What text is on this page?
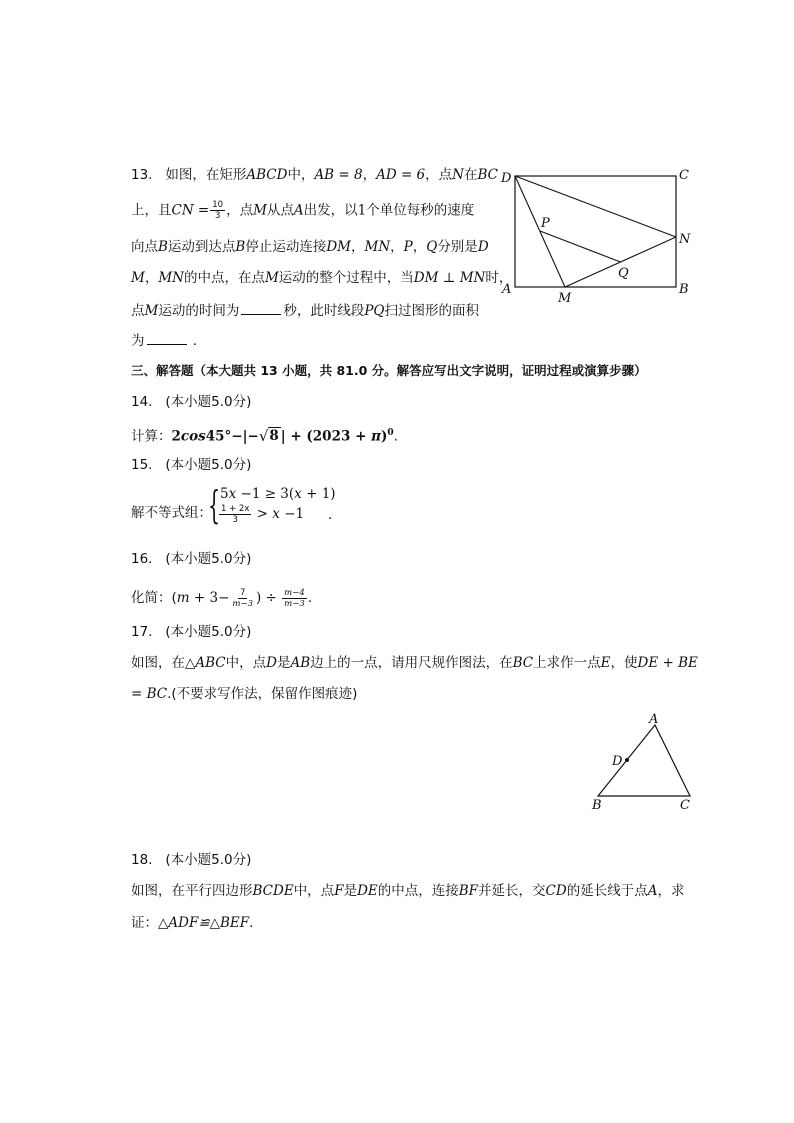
13. 如图，在矩形ABCD中，AB = 8，AD = 6，点N在BC
上，且CN = $\frac{10}{3}$ ，点M从点A出发，以1个单位每秒的速度
向点B运动到达点B停止运动连接DM，MN，P，Q分别是D
M，MN的中点，在点M运动的整个过程中，当DM ⊥ MN时，
点M运动的时间为	秒，此时线段PQ扫过图形的面积
为	．
D	C
P
N
Q
A
M
B
三、解答题（本大题共 13 小题，共 81.0 分。解答应写出文字说明，证明过程或演算步骤）
14. (本小题5.0分)
计算：2cos45°−|− √ 8 | + $(2023 + \pi)^0$.
15. (本小题5.0分)
解不等式组：
{ 5x −1 ≥ 3(x + 1)
$\frac{1 + 2x}{3} > x -1$ .
16. (本小题5.0分)
化简：($m + 3- \frac{7}{m-3}$ ) ÷ $\frac{m-4}{m-3}$ .
17. (本小题5.0分)
如图，在△ABC中，点D是AB边上的一点，请用尺规作图法，在BC上求作一点E，使DE + BE
= BC.(不要求写作法，保留作图痕迹)
A
D
B	C
18. (本小题5.0分)
如图，在平行四边形BCDE中，点F是DE的中点，连接BF并延长，交CD的延长线于点A，求
证：△ADF≌△BEF.
